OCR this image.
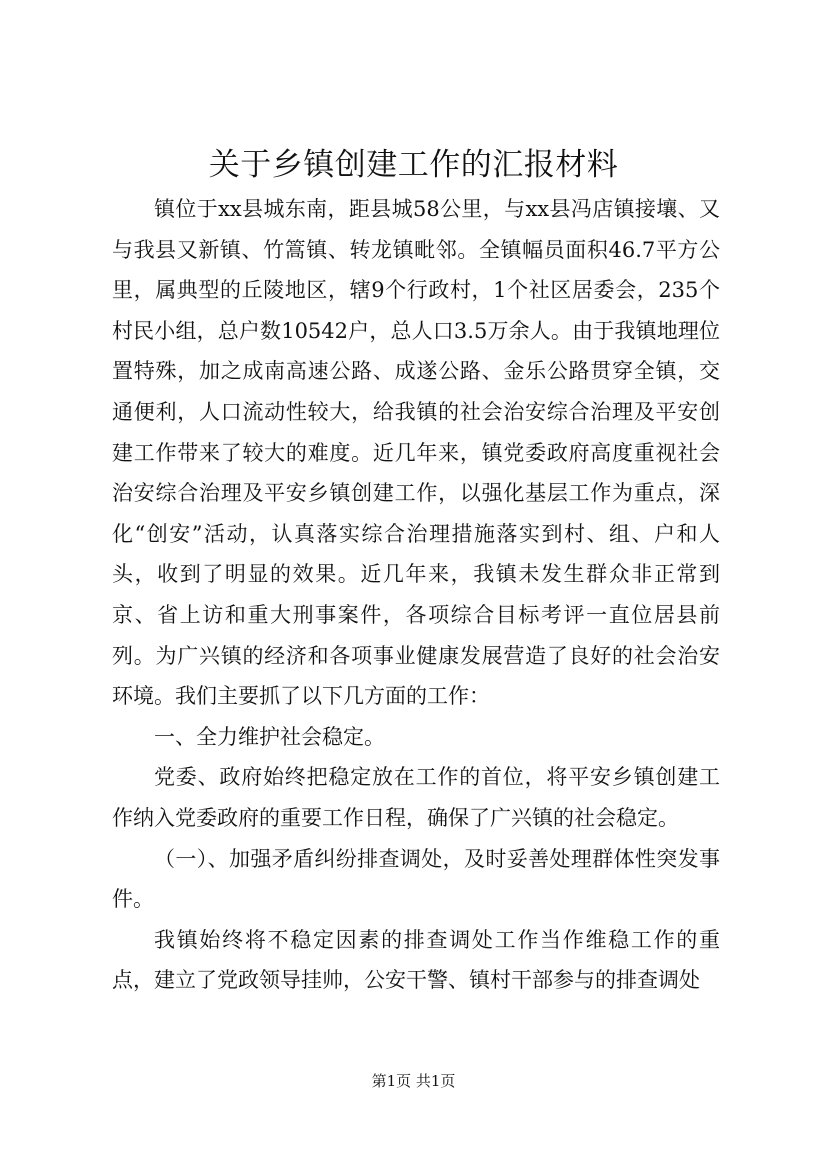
关于乡镇创建工作的汇报材料

镇位于xx县城东南，距县城58公里，与xx县冯店镇接壤、又与我县又新镇、竹篙镇、转龙镇毗邻。全镇幅员面积46.7平方公里，属典型的丘陵地区，辖9个行政村，1个社区居委会，235个村民小组，总户数10542户，总人口3.5万余人。由于我镇地理位置特殊，加之成南高速公路、成遂公路、金乐公路贯穿全镇，交通便利，人口流动性较大，给我镇的社会治安综合治理及平安创建工作带来了较大的难度。近几年来，镇党委政府高度重视社会治安综合治理及平安乡镇创建工作，以强化基层工作为重点，深化“创安”活动，认真落实综合治理措施落实到村、组、户和人头，收到了明显的效果。近几年来，我镇未发生群众非正常到京、省上访和重大刑事案件，各项综合目标考评一直位居县前列。为广兴镇的经济和各项事业健康发展营造了良好的社会治安环境。我们主要抓了以下几方面的工作：

一、全力维护社会稳定。

党委、政府始终把稳定放在工作的首位，将平安乡镇创建工作纳入党委政府的重要工作日程，确保了广兴镇的社会稳定。

（一）、加强矛盾纠纷排查调处，及时妥善处理群体性突发事件。

我镇始终将不稳定因素的排查调处工作当作维稳工作的重点，建立了党政领导挂帅，公安干警、镇村干部参与的排查调处

第1页 共1页
